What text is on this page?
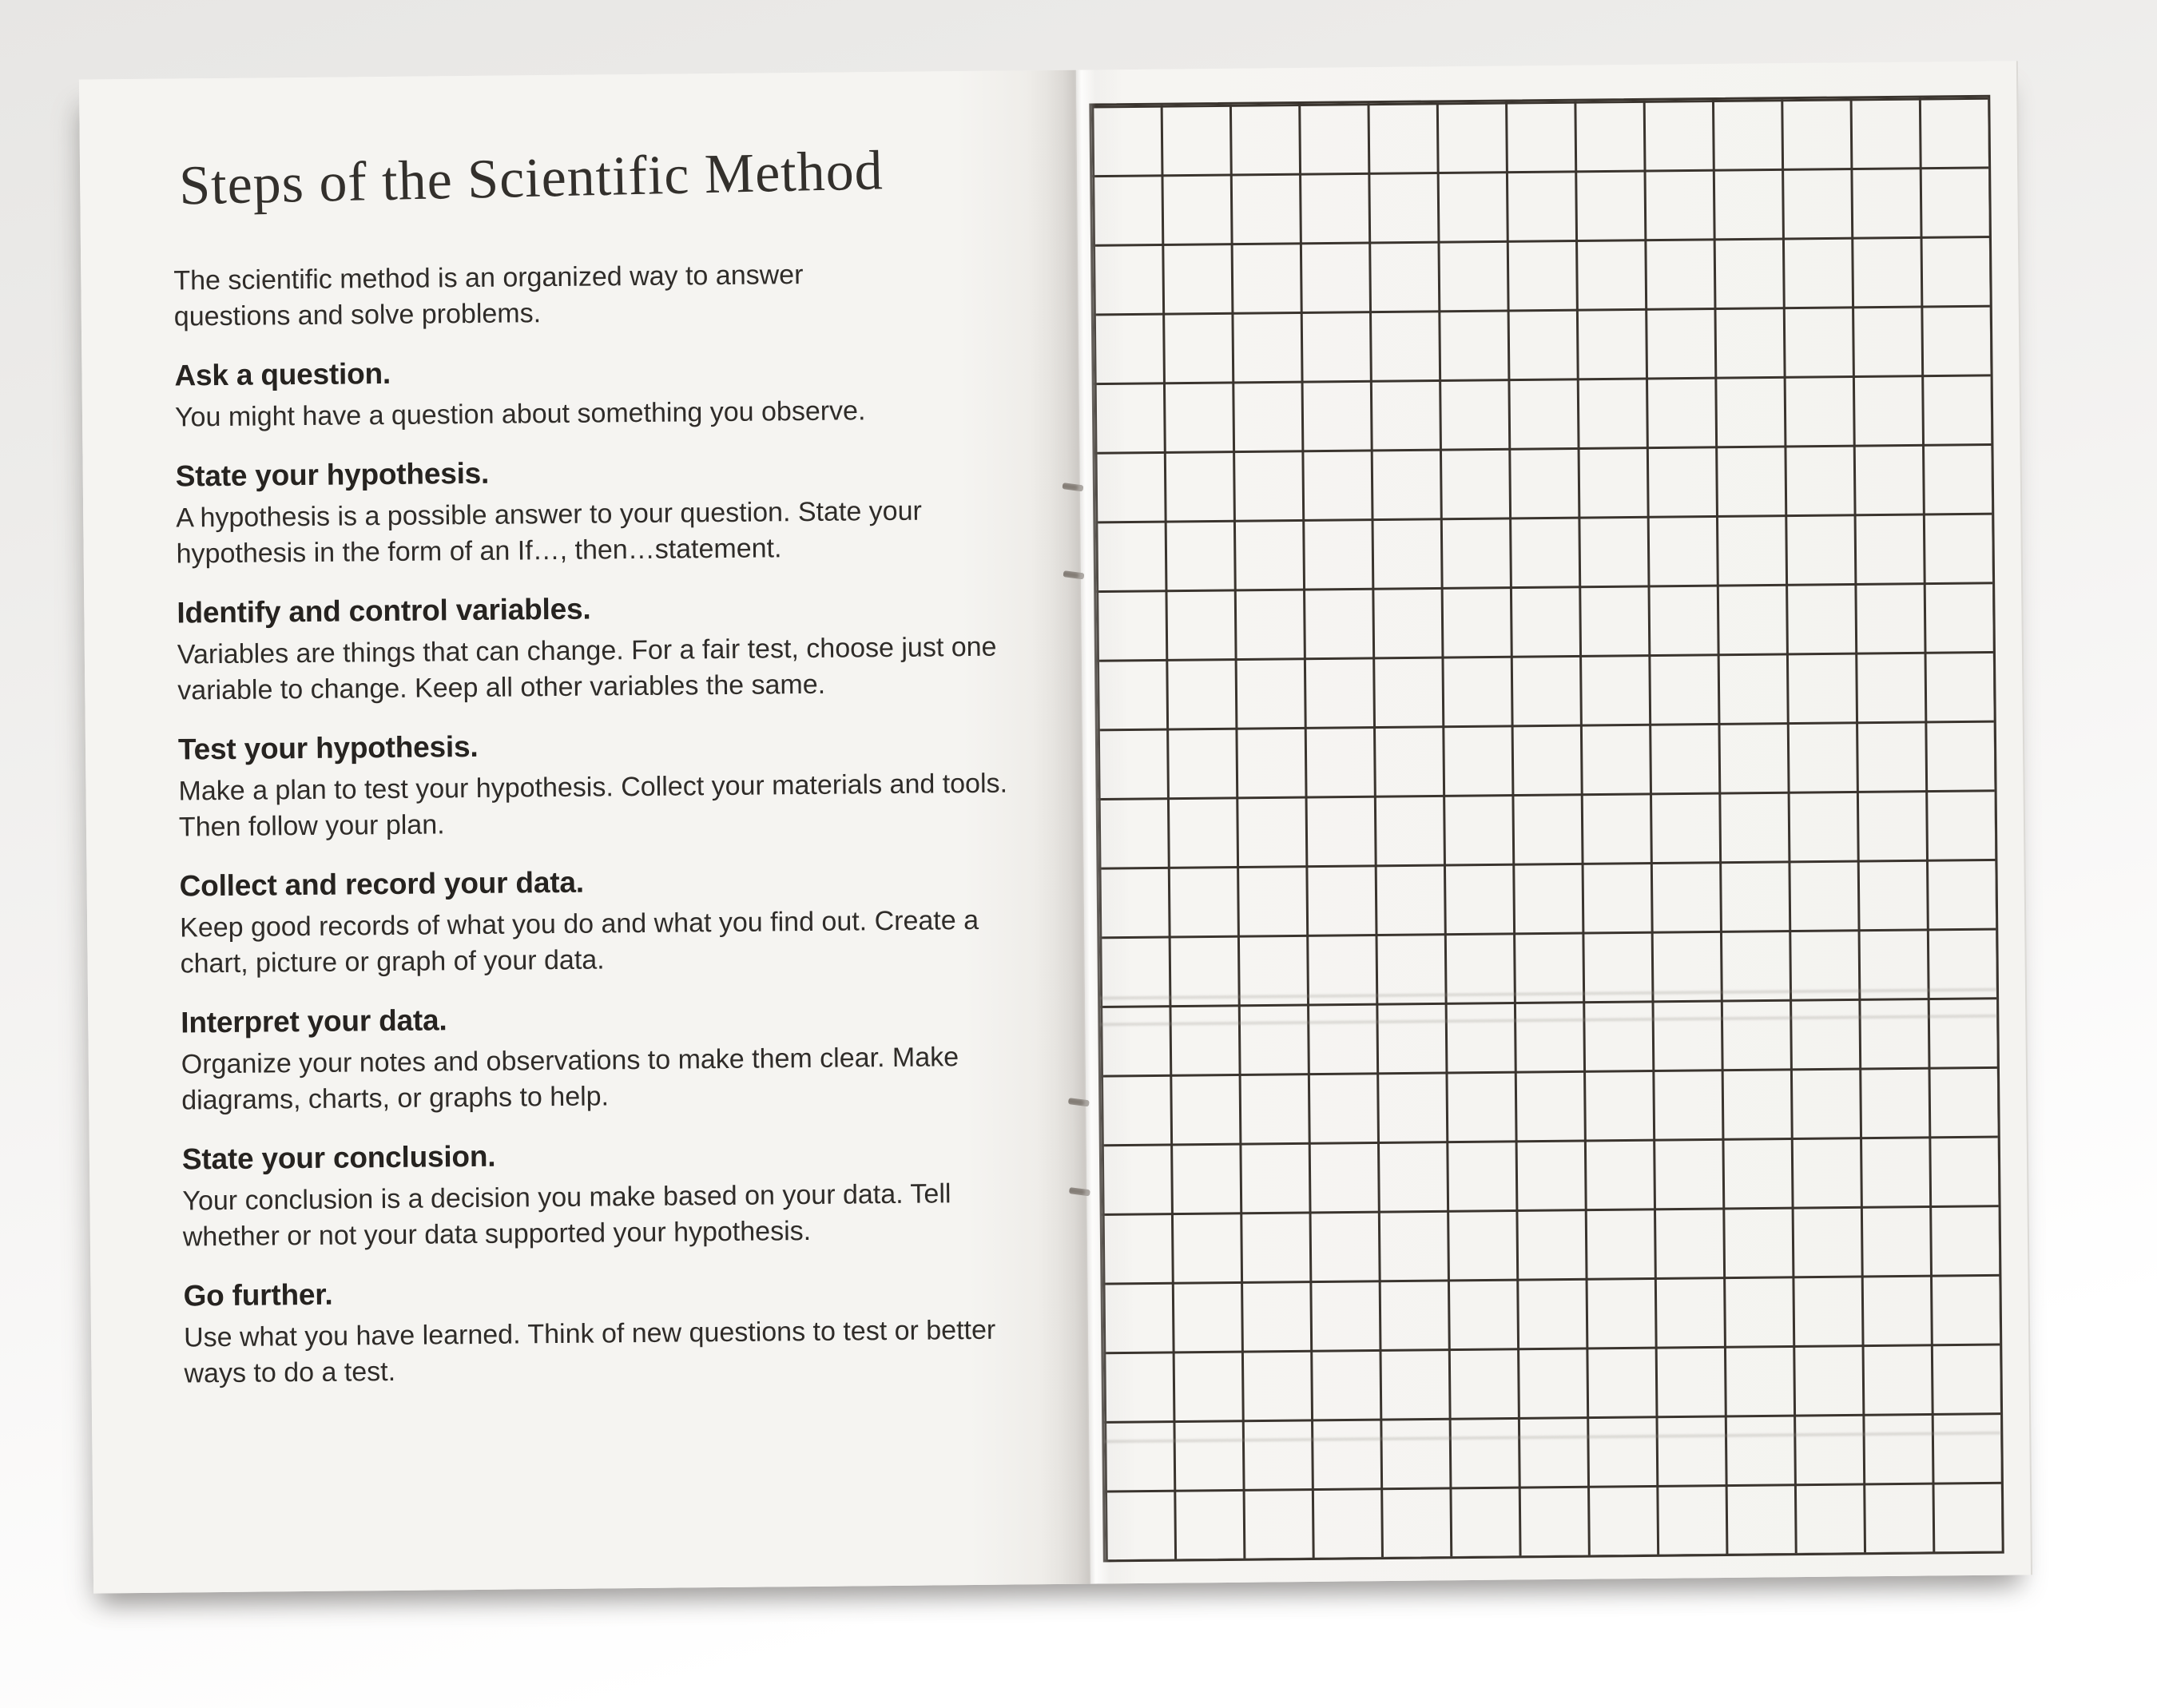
Steps of the Scientific Method

The scientific method is an organized way to answer questions and solve problems.

Ask a question.

You might have a question about something you observe.

State your hypothesis.

A hypothesis is a possible answer to your question. State your hypothesis in the form of an If…, then…statement.

Identify and control variables.

Variables are things that can change. For a fair test, choose just one variable to change. Keep all other variables the same.

Test your hypothesis.

Make a plan to test your hypothesis. Collect your materials and tools. Then follow your plan.

Collect and record your data.

Keep good records of what you do and what you find out. Create a chart, picture or graph of your data.

Interpret your data.

Organize your notes and observations to make them clear. Make diagrams, charts, or graphs to help.

State your conclusion.

Your conclusion is a decision you make based on your data. Tell whether or not your data supported your hypothesis.

Go further.

Use what you have learned. Think of new questions to test or better ways to do a test.
